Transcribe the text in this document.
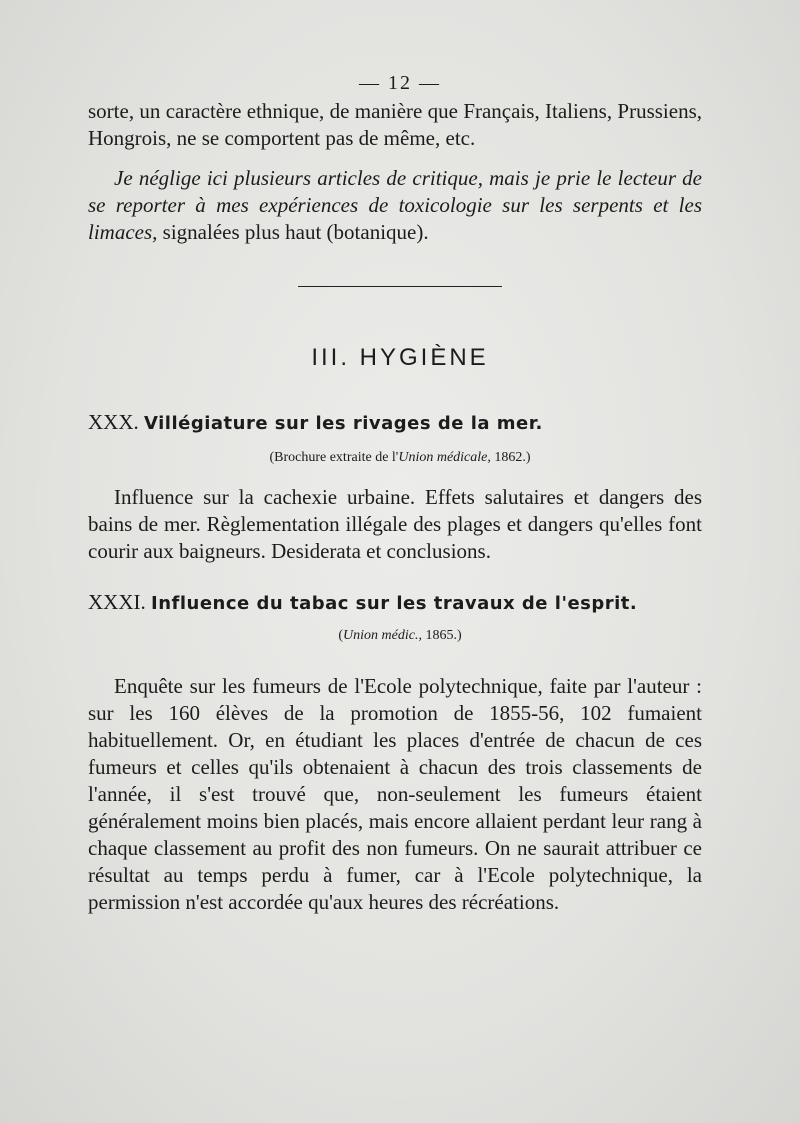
— 12 —

sorte, un caractère ethnique, de manière que Français, Italiens, Prussiens, Hongrois, ne se comportent pas de même, etc.

Je néglige ici plusieurs articles de critique, mais je prie le lecteur de se reporter à mes expériences de toxicologie sur les serpents et les limaces, signalées plus haut (botanique).

III. HYGIÈNE
XXX. Villégiature sur les rivages de la mer.
(Brochure extraite de l'Union médicale, 1862.)

Influence sur la cachexie urbaine. Effets salutaires et dangers des bains de mer. Règlementation illégale des plages et dangers qu'elles font courir aux baigneurs. Desiderata et conclusions.

XXXI. Influence du tabac sur les travaux de l'esprit.
(Union médic., 1865.)

Enquête sur les fumeurs de l'Ecole polytechnique, faite par l'auteur : sur les 160 élèves de la promotion de 1855-56, 102 fumaient habituellement. Or, en étudiant les places d'entrée de chacun de ces fumeurs et celles qu'ils obtenaient à chacun des trois classements de l'année, il s'est trouvé que, non-seulement les fumeurs étaient généralement moins bien placés, mais encore allaient perdant leur rang à chaque classement au profit des non fumeurs. On ne saurait attribuer ce résultat au temps perdu à fumer, car à l'Ecole polytechnique, la permission n'est accordée qu'aux heures des récréations.
